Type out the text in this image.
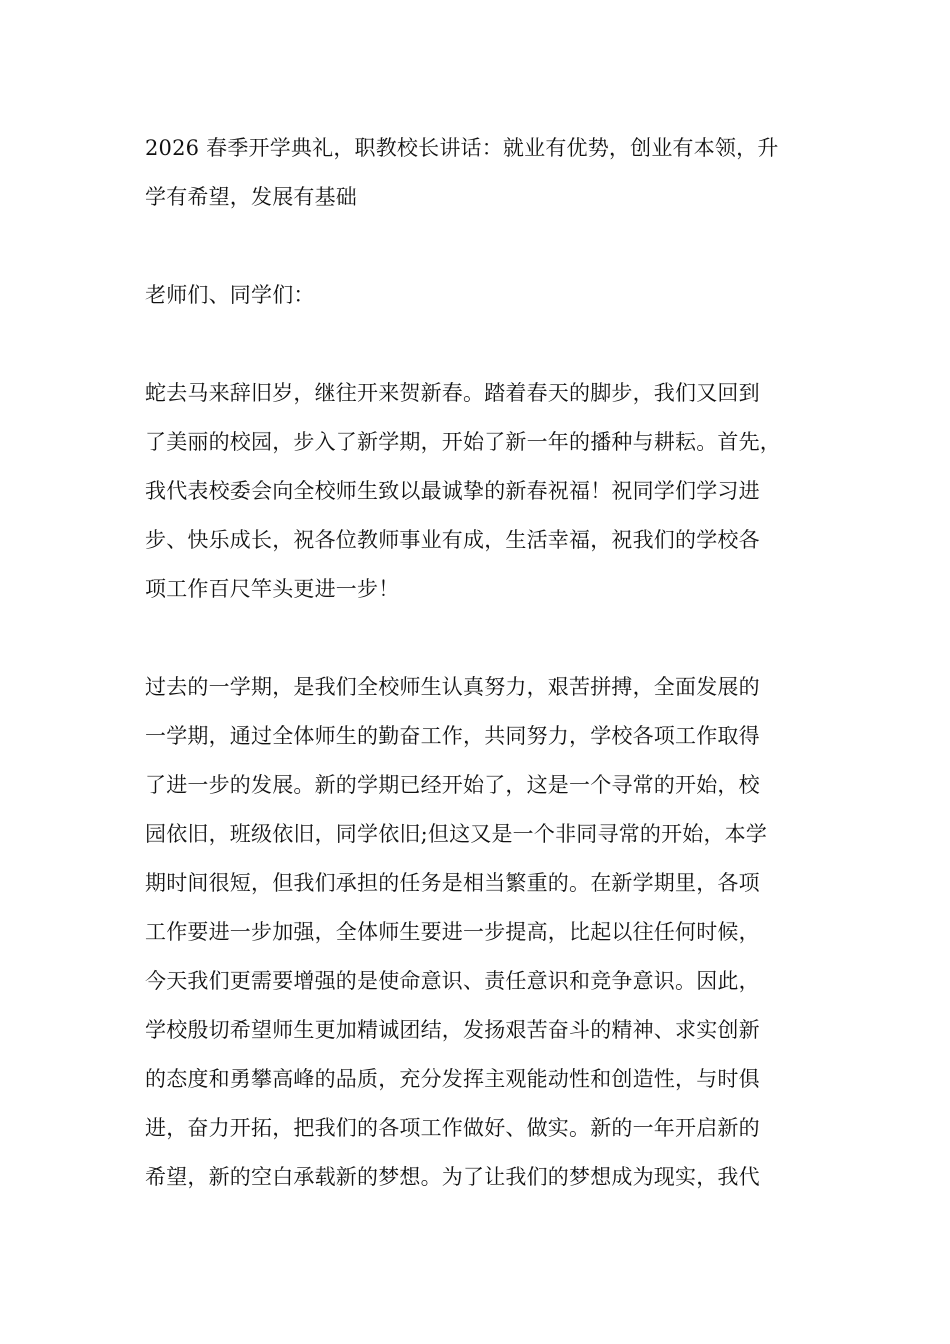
2026 春季开学典礼，职教校长讲话：就业有优势，创业有本领，升
学有希望，发展有基础
老师们、同学们：
蛇去马来辞旧岁，继往开来贺新春。踏着春天的脚步，我们又回到
了美丽的校园，步入了新学期，开始了新一年的播种与耕耘。首先，
我代表校委会向全校师生致以最诚挚的新春祝福！祝同学们学习进
步、快乐成长，祝各位教师事业有成，生活幸福，祝我们的学校各
项工作百尺竿头更进一步！
过去的一学期，是我们全校师生认真努力，艰苦拼搏，全面发展的
一学期，通过全体师生的勤奋工作，共同努力，学校各项工作取得
了进一步的发展。新的学期已经开始了，这是一个寻常的开始，校
园依旧，班级依旧，同学依旧;但这又是一个非同寻常的开始，本学
期时间很短，但我们承担的任务是相当繁重的。在新学期里，各项
工作要进一步加强，全体师生要进一步提高，比起以往任何时候，
今天我们更需要增强的是使命意识、责任意识和竞争意识。因此，
学校殷切希望师生更加精诚团结，发扬艰苦奋斗的精神、求实创新
的态度和勇攀高峰的品质，充分发挥主观能动性和创造性，与时俱
进，奋力开拓，把我们的各项工作做好、做实。新的一年开启新的
希望，新的空白承载新的梦想。为了让我们的梦想成为现实，我代
